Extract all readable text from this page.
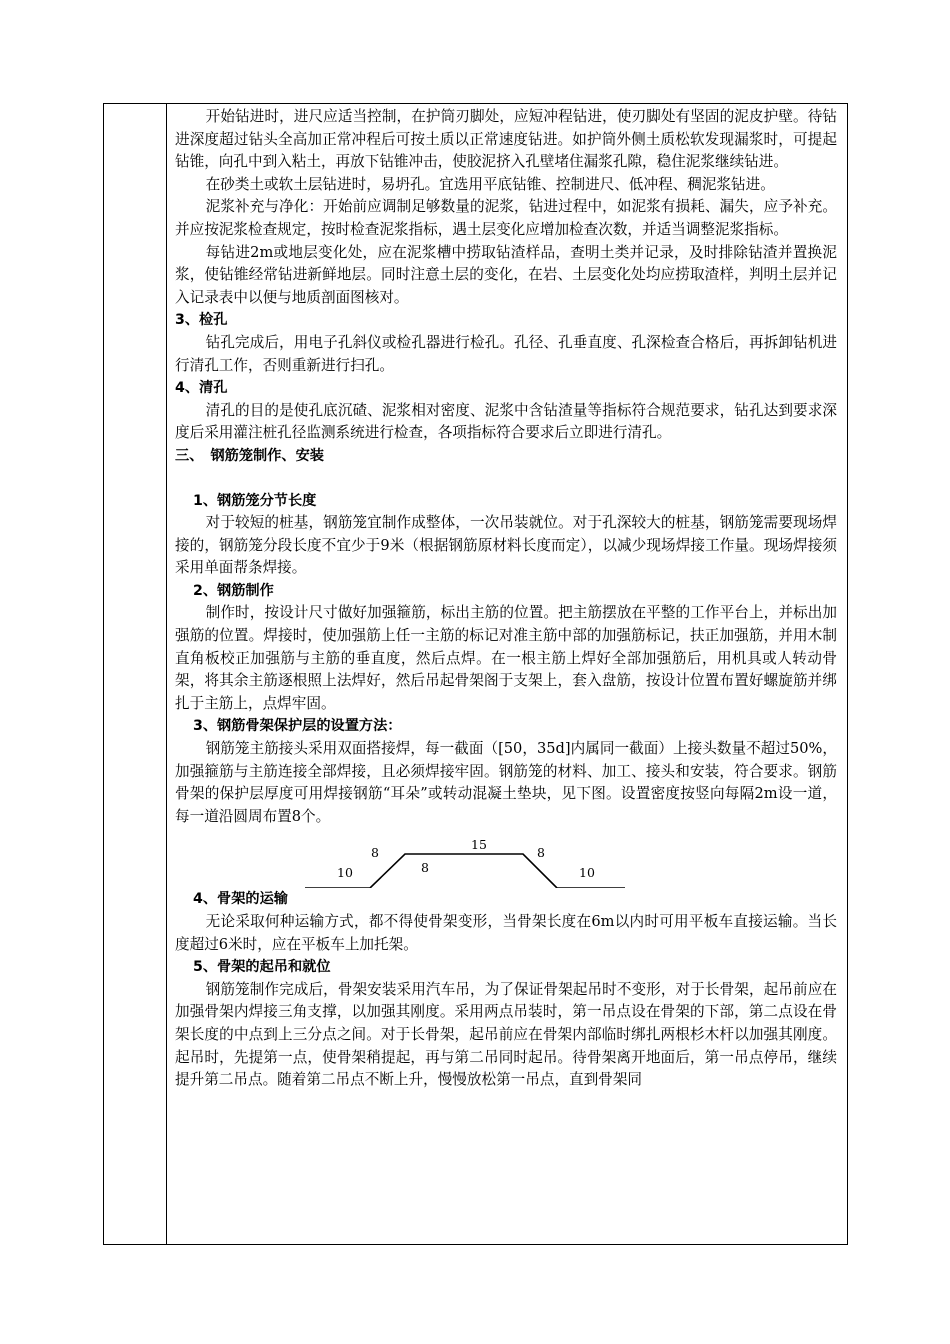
开始钻进时，进尺应适当控制，在护筒刃脚处，应短冲程钻进，使刃脚处有坚固的泥皮护壁。待钻进深度超过钻头全高加正常冲程后可按土质以正常速度钻进。如护筒外侧土质松软发现漏浆时，可提起钻锥，向孔中到入粘土，再放下钻锥冲击，使胶泥挤入孔壁堵住漏浆孔隙，稳住泥浆继续钻进。

在砂类土或软土层钻进时，易坍孔。宜选用平底钻锥、控制进尺、低冲程、稠泥浆钻进。

泥浆补充与净化：开始前应调制足够数量的泥浆，钻进过程中，如泥浆有损耗、漏失，应予补充。并应按泥浆检查规定，按时检查泥浆指标，遇土层变化应增加检查次数，并适当调整泥浆指标。

每钻进2m或地层变化处，应在泥浆槽中捞取钻渣样品，查明土类并记录，及时排除钻渣并置换泥浆，使钻锥经常钻进新鲜地层。同时注意土层的变化，在岩、土层变化处均应捞取渣样，判明土层并记入记录表中以便与地质剖面图核对。

3、检孔

钻孔完成后，用电子孔斜仪或检孔器进行检孔。孔径、孔垂直度、孔深检查合格后，再拆卸钻机进行清孔工作，否则重新进行扫孔。

4、清孔

清孔的目的是使孔底沉碴、泥浆相对密度、泥浆中含钻渣量等指标符合规范要求，钻孔达到要求深度后采用灌注桩孔径监测系统进行检查，各项指标符合要求后立即进行清孔。

三、　钢筋笼制作、安装

1、钢筋笼分节长度

对于较短的桩基，钢筋笼宜制作成整体，一次吊装就位。对于孔深较大的桩基，钢筋笼需要现场焊接的，钢筋笼分段长度不宜少于9米（根据钢筋原材料长度而定），以减少现场焊接工作量。现场焊接须采用单面帮条焊接。

2、钢筋制作

制作时，按设计尺寸做好加强箍筋，标出主筋的位置。把主筋摆放在平整的工作平台上，并标出加强筋的位置。焊接时，使加强筋上任一主筋的标记对准主筋中部的加强筋标记，扶正加强筋，并用木制直角板校正加强筋与主筋的垂直度，然后点焊。在一根主筋上焊好全部加强筋后，用机具或人转动骨架，将其余主筋逐根照上法焊好，然后吊起骨架阁于支架上，套入盘筋，按设计位置布置好螺旋筋并绑扎于主筋上，点焊牢固。

3、钢筋骨架保护层的设置方法：

钢筋笼主筋接头采用双面搭接焊，每一截面（[50，35d]内属同一截面）上接头数量不超过50%，加强箍筋与主筋连接全部焊接，且必须焊接牢固。钢筋笼的材料、加工、接头和安装，符合要求。钢筋骨架的保护层厚度可用焊接钢筋“耳朵”或转动混凝土垫块，见下图。设置密度按竖向每隔2m设一道，每一道沿圆周布置8个。

10
8
8
15
8
10

4、骨架的运输

无论采取何种运输方式，都不得使骨架变形，当骨架长度在6m以内时可用平板车直接运输。当长度超过6米时，应在平板车上加托架。

5、骨架的起吊和就位

钢筋笼制作完成后，骨架安装采用汽车吊，为了保证骨架起吊时不变形，对于长骨架，起吊前应在加强骨架内焊接三角支撑，以加强其刚度。采用两点吊装时，第一吊点设在骨架的下部，第二点设在骨架长度的中点到上三分点之间。对于长骨架，起吊前应在骨架内部临时绑扎两根杉木杆以加强其刚度。起吊时，先提第一点，使骨架稍提起，再与第二吊同时起吊。待骨架离开地面后，第一吊点停吊，继续提升第二吊点。随着第二吊点不断上升，慢慢放松第一吊点，直到骨架同
